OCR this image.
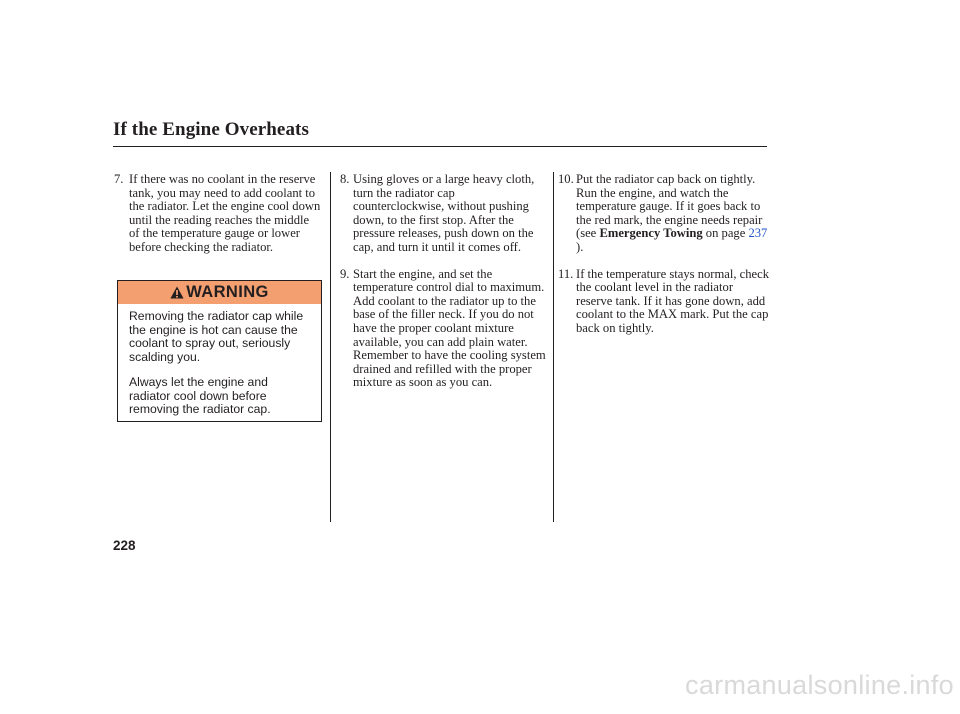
If the Engine Overheats
7. If there was no coolant in the reserve tank, you may need to add coolant to the radiator. Let the engine cool down until the reading reaches the middle of the temperature gauge or lower before checking the radiator.
WARNING

Removing the radiator cap while the engine is hot can cause the coolant to spray out, seriously scalding you.

Always let the engine and radiator cool down before removing the radiator cap.

8. Using gloves or a large heavy cloth, turn the radiator cap counterclockwise, without pushing down, to the first stop. After the pressure releases, push down on the cap, and turn it until it comes off.
9. Start the engine, and set the temperature control dial to maximum. Add coolant to the radiator up to the base of the filler neck. If you do not have the proper coolant mixture available, you can add plain water. Remember to have the cooling system drained and refilled with the proper mixture as soon as you can.
10. Put the radiator cap back on tightly. Run the engine, and watch the temperature gauge. If it goes back to the red mark, the engine needs repair (see Emergency Towing on page 237 ).
11. If the temperature stays normal, check the coolant level in the radiator reserve tank. If it has gone down, add coolant to the MAX mark. Put the cap back on tightly.
228
carmanualsonline.info
